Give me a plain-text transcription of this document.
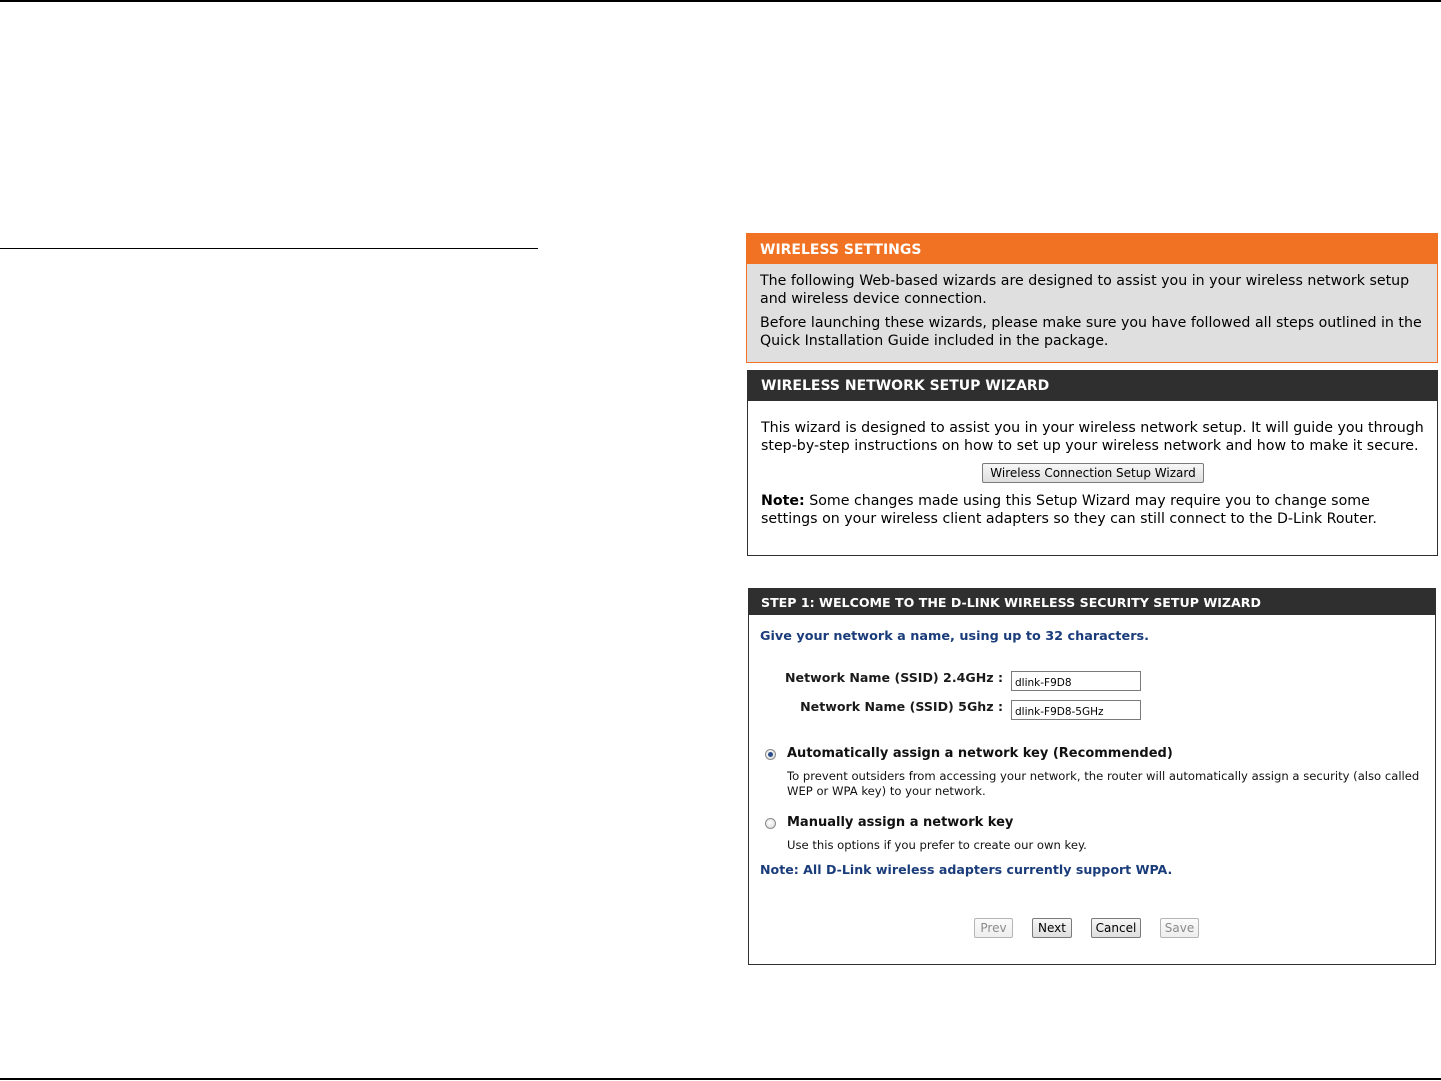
WIRELESS SETTINGS

The following Web-based wizards are designed to assist you in your wireless network setup and wireless device connection.

Before launching these wizards, please make sure you have followed all steps outlined in the Quick Installation Guide included in the package.

WIRELESS NETWORK SETUP WIZARD

This wizard is designed to assist you in your wireless network setup. It will guide you through step-by-step instructions on how to set up your wireless network and how to make it secure.

Wireless Connection Setup Wizard

Note: Some changes made using this Setup Wizard may require you to change some settings on your wireless client adapters so they can still connect to the D-Link Router.

STEP 1: WELCOME TO THE D-LINK WIRELESS SECURITY SETUP WIZARD
Give your network a name, using up to 32 characters.
Network Name (SSID) 2.4GHz :
dlink-F9D8
Network Name (SSID) 5Ghz :
dlink-F9D8-5GHz
Automatically assign a network key (Recommended)
To prevent outsiders from accessing your network, the router will automatically assign a security (also called WEP or WPA key) to your network.
Manually assign a network key
Use this options if you prefer to create our own key.
Note: All D-Link wireless adapters currently support WPA.
Prev	Next	Cancel	Save
